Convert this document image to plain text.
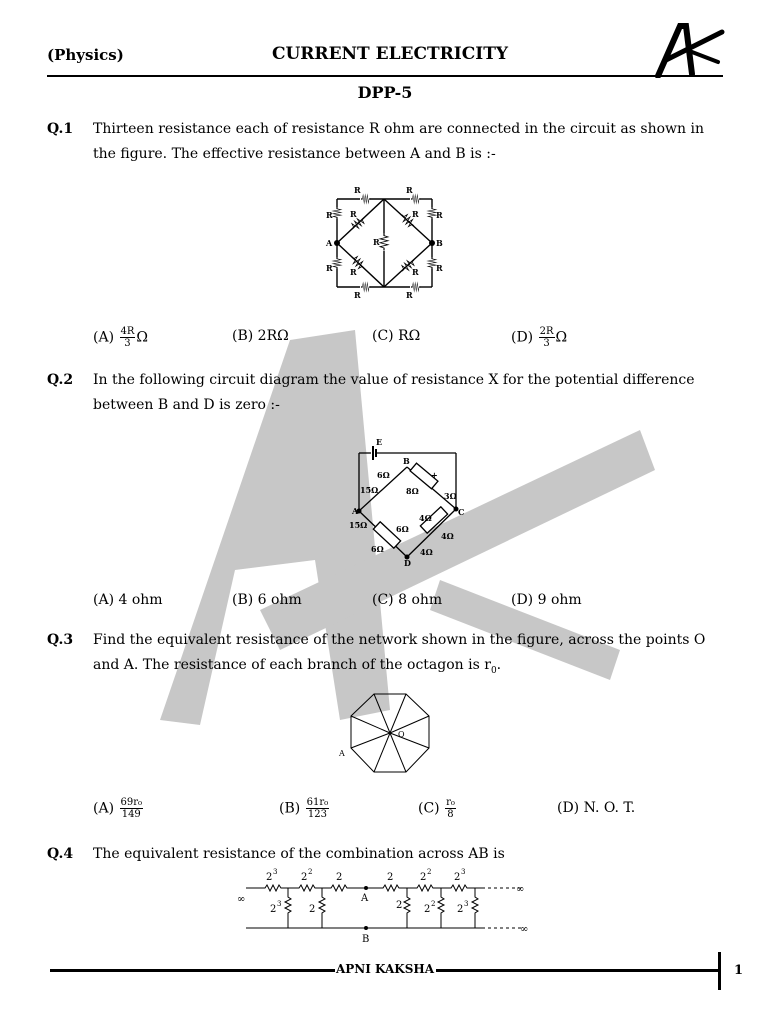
(Physics)	CURRENT ELECTRICITY
DPP-5
Q.1 Thirteen resistance each of resistance R ohm are connected in the circuit as shown in the figure. The effective resistance between A and B is :-
R	R
R	R
R	R
R	R
R
R	R
R	R
A	B
$(A) \frac{4R}{3}$ Ω	(B) 2RΩ	(C) RΩ	$(D) \frac{2R}{3}$ Ω
Q.2 In the following circuit diagram the value of resistance X for the potential difference between B and D is zero :-
E
B
A	C
D
6Ω
15Ω	8Ω	3Ω
15Ω	6Ω
6Ω
4Ω
4Ω
4Ω
+
(A) 4 ohm	(B) 6 ohm	(C) 8 ohm	(D) 9 ohm
Q.3 Find the equivalent resistance of the network shown in the figure, across the points O and A. The resistance of each branch of the octagon is $r_0$.
O
A
$(A) \frac{\text{69r₀}}{149}$	$(B) \frac{\text{61r₀}}{123}$	$(C) \frac{\text{r₀}}{8}$	(D) N. O. T.
Q.4 The equivalent resistance of the combination across AB is
2 3 2 2 2	2	2 2 2 3
2 3	2	2 2 2 2 3
A
B
∞
∞
∞
APNI KAKSHA	1
